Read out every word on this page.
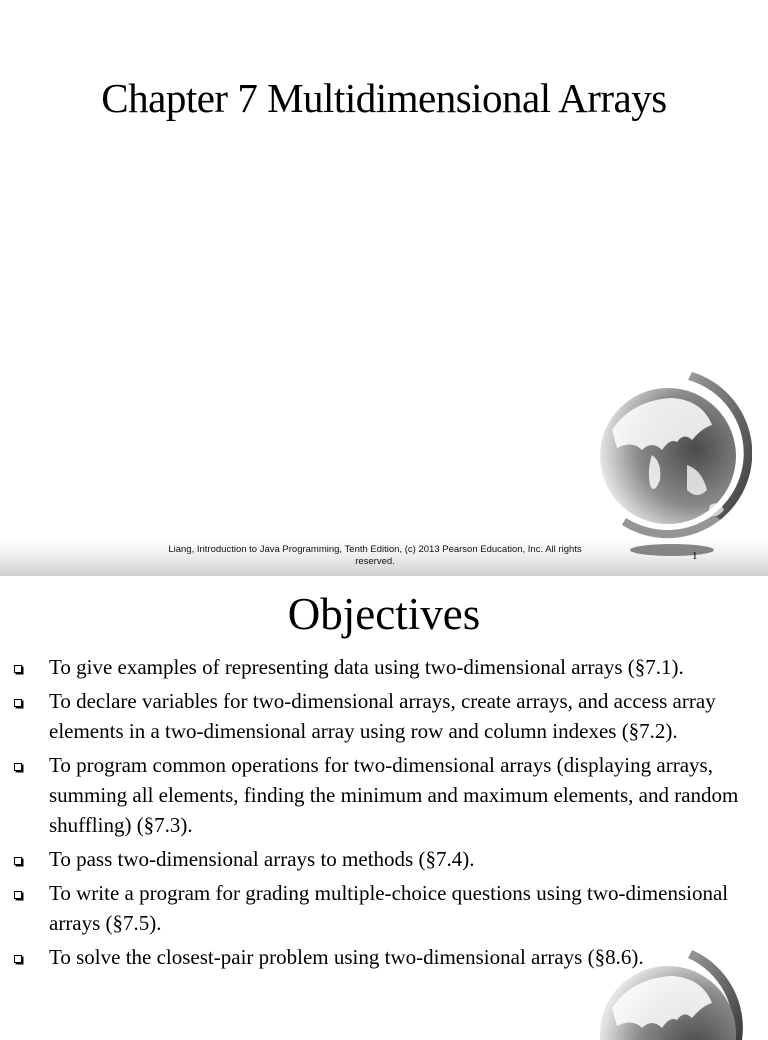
Chapter 7 Multidimensional Arrays
Liang, Introduction to Java Programming, Tenth Edition, (c) 2013 Pearson Education, Inc. All rights reserved.	1
Objectives
To give examples of representing data using two-dimensional arrays (§7.1).
To declare variables for two-dimensional arrays, create arrays, and access array elements in a two-dimensional array using row and column indexes (§7.2).
To program common operations for two-dimensional arrays (displaying arrays, summing all elements, finding the minimum and maximum elements, and random shuffling) (§7.3).
To pass two-dimensional arrays to methods (§7.4).
To write a program for grading multiple-choice questions using two-dimensional arrays (§7.5).
To solve the closest-pair problem using two-dimensional arrays (§8.6).
